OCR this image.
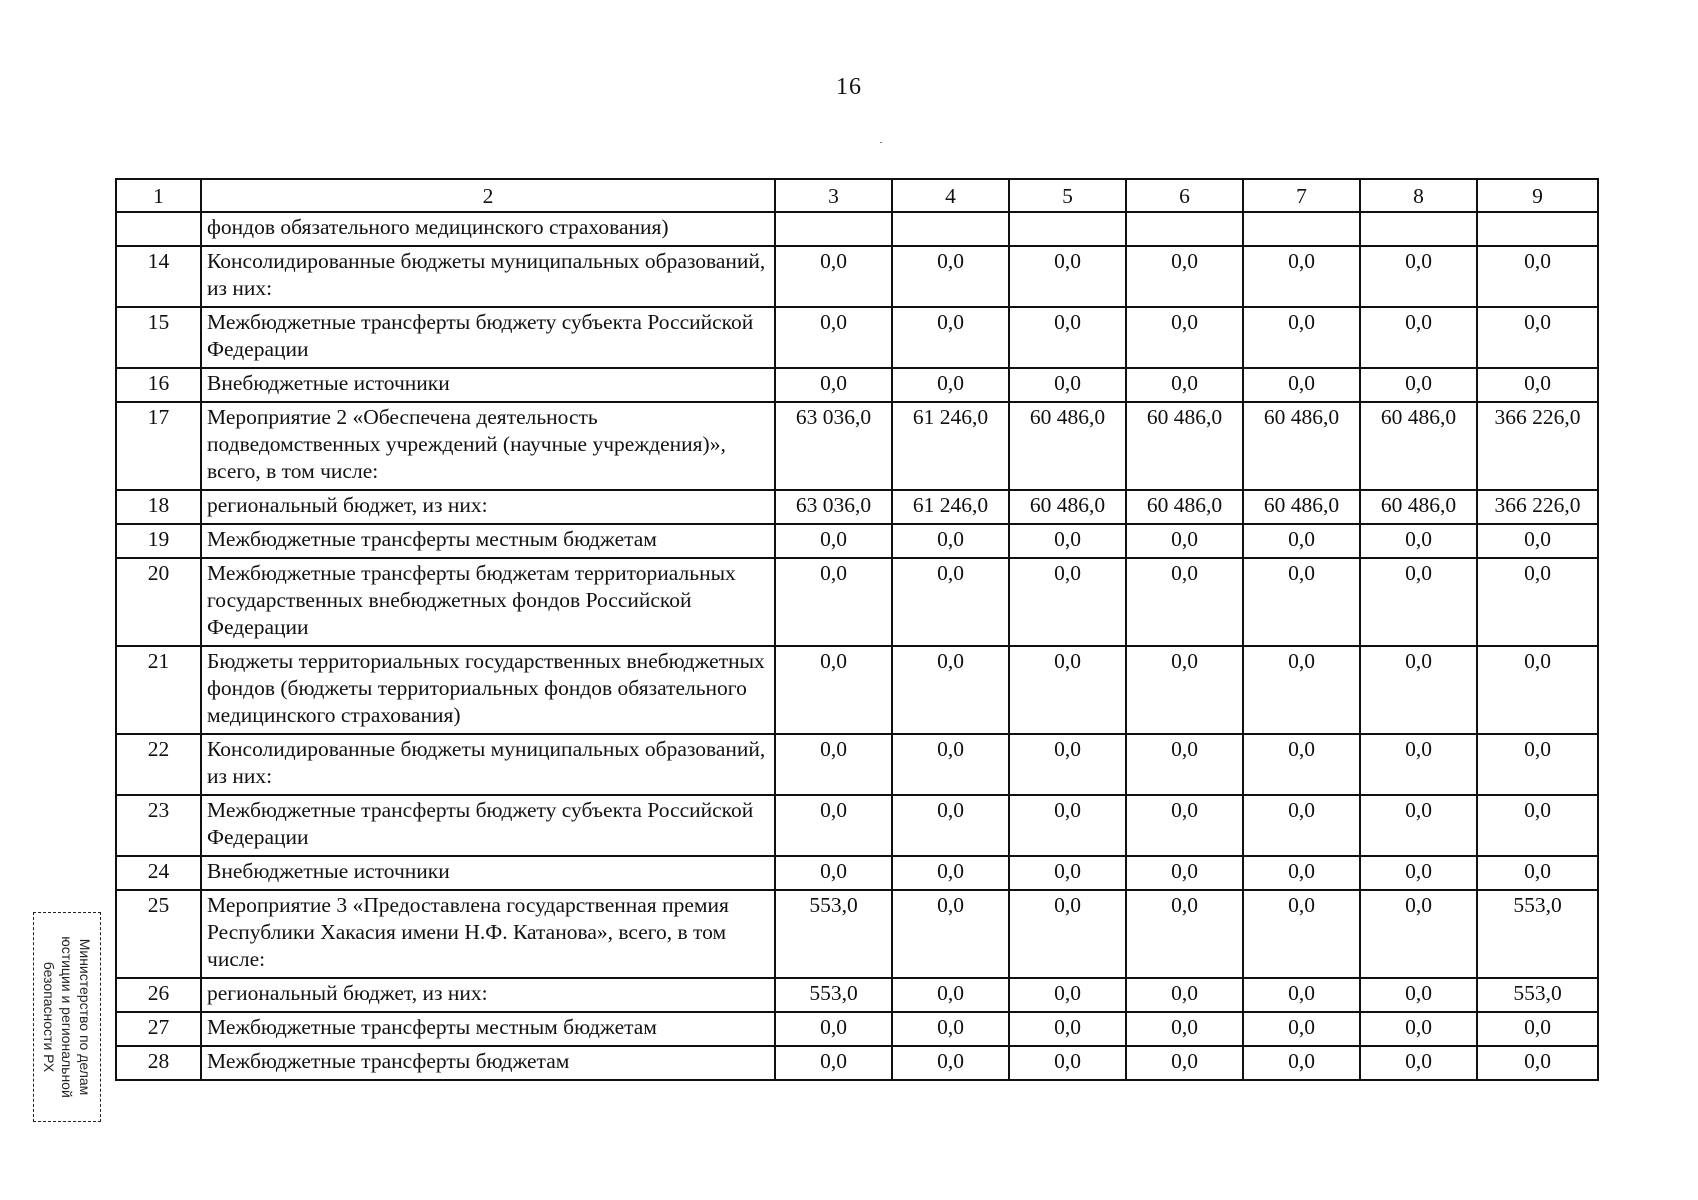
16
1	2	3	4	5	6	7	8	9
	фондов обязательного медицинского страхования)							
14	Консолидированные бюджеты муниципальных образований, из них:	0,0	0,0	0,0	0,0	0,0	0,0	0,0
15	Межбюджетные трансферты бюджету субъекта Российской Федерации	0,0	0,0	0,0	0,0	0,0	0,0	0,0
16	Внебюджетные источники	0,0	0,0	0,0	0,0	0,0	0,0	0,0
17	Мероприятие 2 «Обеспечена деятельность подведомственных учреждений (научные учреждения)», всего, в том числе:	63 036,0	61 246,0	60 486,0	60 486,0	60 486,0	60 486,0	366 226,0
18	региональный бюджет, из них:	63 036,0	61 246,0	60 486,0	60 486,0	60 486,0	60 486,0	366 226,0
19	Межбюджетные трансферты местным бюджетам	0,0	0,0	0,0	0,0	0,0	0,0	0,0
20	Межбюджетные трансферты бюджетам территориальных государственных внебюджетных фондов Российской Федерации	0,0	0,0	0,0	0,0	0,0	0,0	0,0
21	Бюджеты территориальных государственных внебюджетных фондов (бюджеты территориальных фондов обязательного медицинского страхования)	0,0	0,0	0,0	0,0	0,0	0,0	0,0
22	Консолидированные бюджеты муниципальных образований, из них:	0,0	0,0	0,0	0,0	0,0	0,0	0,0
23	Межбюджетные трансферты бюджету субъекта Российской Федерации	0,0	0,0	0,0	0,0	0,0	0,0	0,0
24	Внебюджетные источники	0,0	0,0	0,0	0,0	0,0	0,0	0,0
25	Мероприятие 3 «Предоставлена государственная премия Республики Хакасия имени Н.Ф. Катанова», всего, в том числе:	553,0	0,0	0,0	0,0	0,0	0,0	553,0
26	региональный бюджет, из них:	553,0	0,0	0,0	0,0	0,0	0,0	553,0
27	Межбюджетные трансферты местным бюджетам	0,0	0,0	0,0	0,0	0,0	0,0	0,0
28	Межбюджетные трансферты бюджетам	0,0	0,0	0,0	0,0	0,0	0,0	0,0
Министерство по делам
юстиции и региональной
безопасности РХ
